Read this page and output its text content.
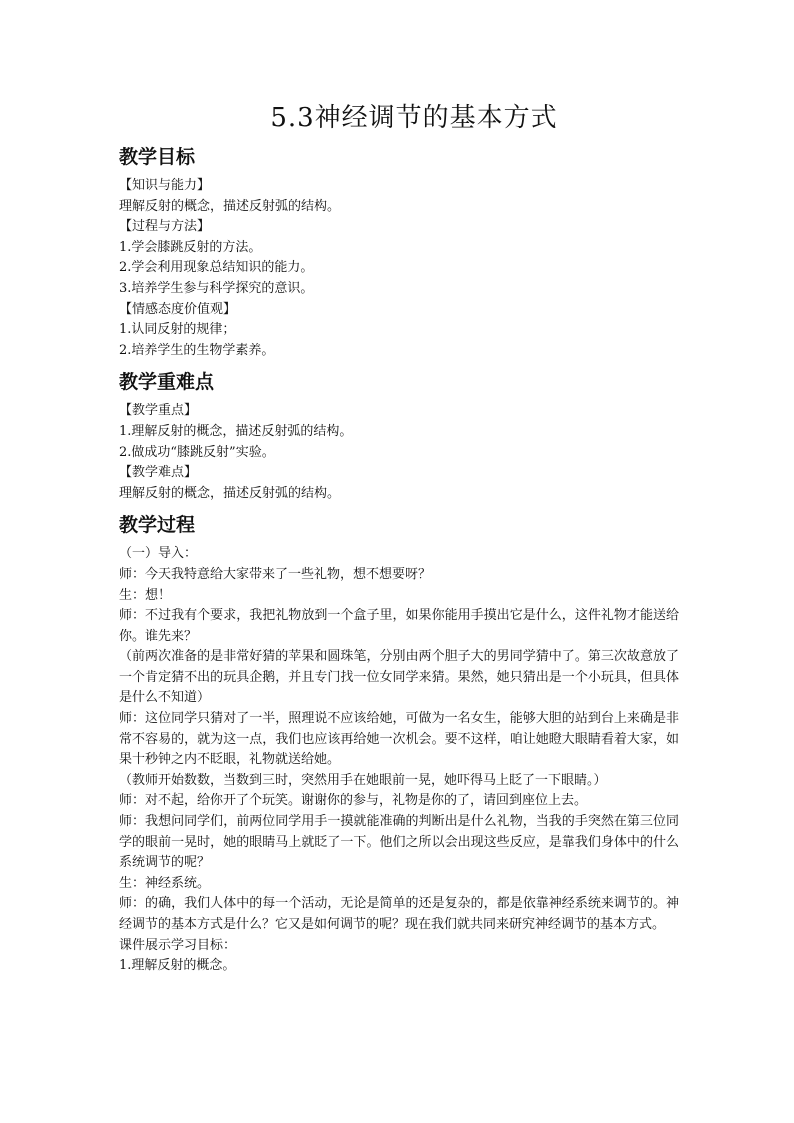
5.3神经调节的基本方式
教学目标

【知识与能力】

理解反射的概念，描述反射弧的结构。

【过程与方法】

1.学会膝跳反射的方法。

2.学会利用现象总结知识的能力。

3.培养学生参与科学探究的意识。

【情感态度价值观】

1.认同反射的规律；

2.培养学生的生物学素养。

教学重难点

【教学重点】

1.理解反射的概念，描述反射弧的结构。

2.做成功“膝跳反射”实验。

【教学难点】

理解反射的概念，描述反射弧的结构。

教学过程

（一）导入：

师：今天我特意给大家带来了一些礼物，想不想要呀？

生：想！

师：不过我有个要求，我把礼物放到一个盒子里，如果你能用手摸出它是什么，这件礼物才能送给你。谁先来？

（前两次准备的是非常好猜的苹果和圆珠笔，分别由两个胆子大的男同学猜中了。第三次故意放了一个肯定猜不出的玩具企鹅，并且专门找一位女同学来猜。果然，她只猜出是一个小玩具，但具体是什么不知道）

师：这位同学只猜对了一半，照理说不应该给她，可做为一名女生，能够大胆的站到台上来确是非常不容易的，就为这一点，我们也应该再给她一次机会。要不这样，咱让她瞪大眼睛看着大家，如果十秒钟之内不眨眼，礼物就送给她。

（教师开始数数，当数到三时，突然用手在她眼前一晃，她吓得马上眨了一下眼睛。）

师：对不起，给你开了个玩笑。谢谢你的参与，礼物是你的了，请回到座位上去。

师：我想问同学们，前两位同学用手一摸就能准确的判断出是什么礼物，当我的手突然在第三位同学的眼前一晃时，她的眼睛马上就眨了一下。他们之所以会出现这些反应，是靠我们身体中的什么系统调节的呢？

生：神经系统。

师：的确，我们人体中的每一个活动，无论是简单的还是复杂的，都是依靠神经系统来调节的。神经调节的基本方式是什么？它又是如何调节的呢？现在我们就共同来研究神经调节的基本方式。

课件展示学习目标：

1.理解反射的概念。
